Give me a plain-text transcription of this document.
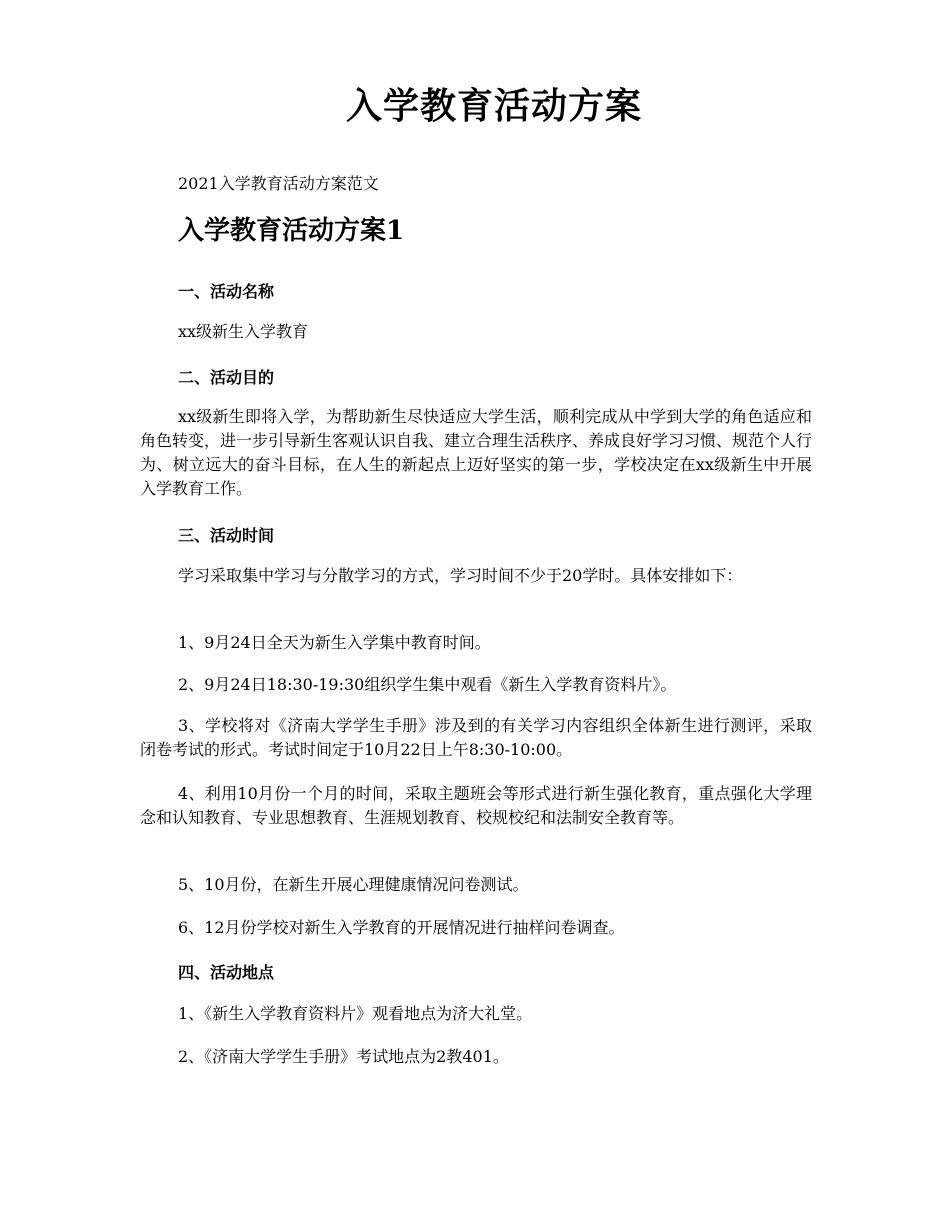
入学教育活动方案

2021入学教育活动方案范文

入学教育活动方案1
一、活动名称

xx级新生入学教育

二、活动目的

xx级新生即将入学，为帮助新生尽快适应大学生活，顺利完成从中学到大学的角色适应和角色转变，进一步引导新生客观认识自我、建立合理生活秩序、养成良好学习习惯、规范个人行为、树立远大的奋斗目标，在人生的新起点上迈好坚实的第一步，学校决定在xx级新生中开展入学教育工作。

三、活动时间

学习采取集中学习与分散学习的方式，学习时间不少于20学时。具体安排如下：

1、9月24日全天为新生入学集中教育时间。

2、9月24日18:30-19:30组织学生集中观看《新生入学教育资料片》。

3、学校将对《济南大学学生手册》涉及到的有关学习内容组织全体新生进行测评，采取闭卷考试的形式。考试时间定于10月22日上午8:30-10:00。

4、利用10月份一个月的时间，采取主题班会等形式进行新生强化教育，重点强化大学理念和认知教育、专业思想教育、生涯规划教育、校规校纪和法制安全教育等。

5、10月份，在新生开展心理健康情况问卷测试。

6、12月份学校对新生入学教育的开展情况进行抽样问卷调查。

四、活动地点

1、《新生入学教育资料片》观看地点为济大礼堂。

2、《济南大学学生手册》考试地点为2教401。
